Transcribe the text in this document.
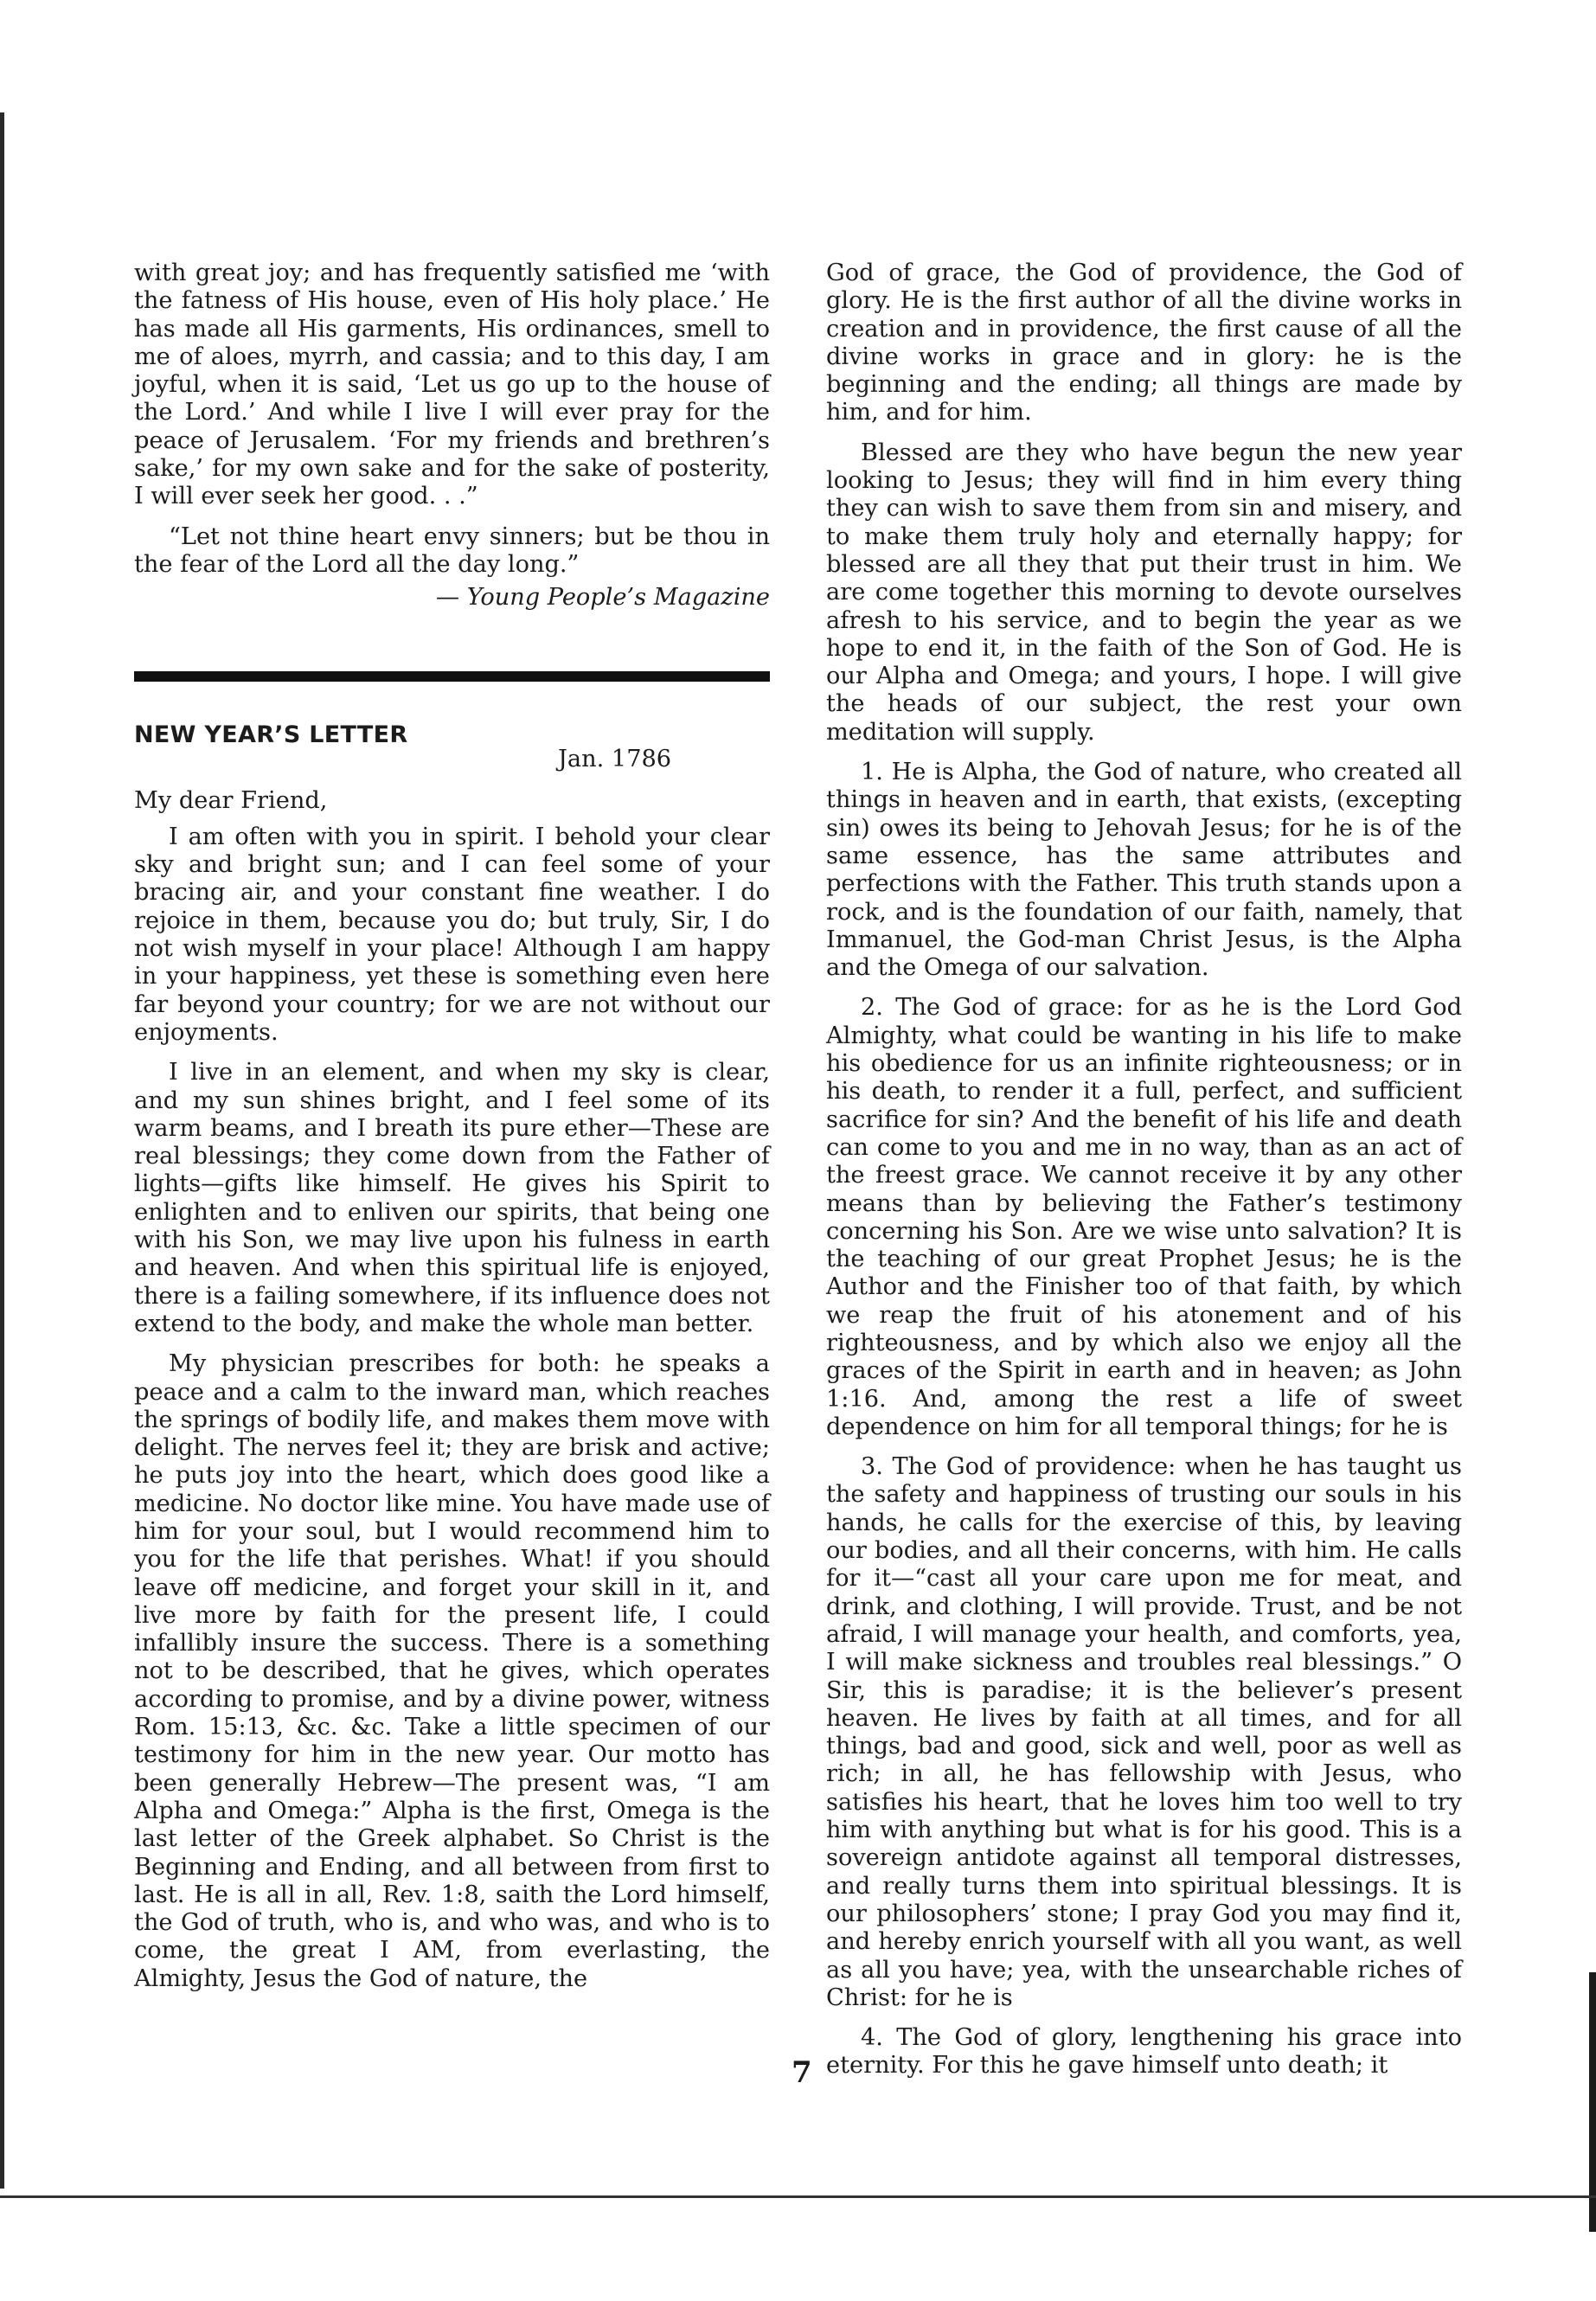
with great joy; and has frequently satisfied me ‘with the fatness of His house, even of His holy place.’ He has made all His garments, His ordinances, smell to me of aloes, myrrh, and cassia; and to this day, I am joyful, when it is said, ‘Let us go up to the house of the Lord.’ And while I live I will ever pray for the peace of Jerusalem. ‘For my friends and brethren’s sake,’ for my own sake and for the sake of posterity, I will ever seek her good. . .”

“Let not thine heart envy sinners; but be thou in the fear of the Lord all the day long.”

— Young People’s Magazine

NEW YEAR’S LETTER
Jan. 1786

My dear Friend,

I am often with you in spirit. I behold your clear sky and bright sun; and I can feel some of your bracing air, and your constant fine weather. I do rejoice in them, because you do; but truly, Sir, I do not wish myself in your place! Although I am happy in your happiness, yet these is something even here far beyond your country; for we are not without our enjoyments.

I live in an element, and when my sky is clear, and my sun shines bright, and I feel some of its warm beams, and I breath its pure ether—These are real blessings; they come down from the Father of lights—gifts like himself. He gives his Spirit to enlighten and to enliven our spirits, that being one with his Son, we may live upon his fulness in earth and heaven. And when this spiritual life is enjoyed, there is a failing somewhere, if its influence does not extend to the body, and make the whole man better.

My physician prescribes for both: he speaks a peace and a calm to the inward man, which reaches the springs of bodily life, and makes them move with delight. The nerves feel it; they are brisk and active; he puts joy into the heart, which does good like a medicine. No doctor like mine. You have made use of him for your soul, but I would recommend him to you for the life that perishes. What! if you should leave off medicine, and forget your skill in it, and live more by faith for the present life, I could infallibly insure the success. There is a something not to be described, that he gives, which operates according to promise, and by a divine power, witness Rom. 15:13, &c. &c. Take a little specimen of our testimony for him in the new year. Our motto has been generally Hebrew—The present was, “I am Alpha and Omega:” Alpha is the first, Omega is the last letter of the Greek alphabet. So Christ is the Beginning and Ending, and all between from first to last. He is all in all, Rev. 1:8, saith the Lord himself, the God of truth, who is, and who was, and who is to come, the great I AM, from everlasting, the Almighty, Jesus the God of nature, the

God of grace, the God of providence, the God of glory. He is the first author of all the divine works in creation and in providence, the first cause of all the divine works in grace and in glory: he is the beginning and the ending; all things are made by him, and for him.

Blessed are they who have begun the new year looking to Jesus; they will find in him every thing they can wish to save them from sin and misery, and to make them truly holy and eternally happy; for blessed are all they that put their trust in him. We are come together this morning to devote ourselves afresh to his service, and to begin the year as we hope to end it, in the faith of the Son of God. He is our Alpha and Omega; and yours, I hope. I will give the heads of our subject, the rest your own meditation will supply.

1. He is Alpha, the God of nature, who created all things in heaven and in earth, that exists, (excepting sin) owes its being to Jehovah Jesus; for he is of the same essence, has the same attributes and perfections with the Father. This truth stands upon a rock, and is the foundation of our faith, namely, that Immanuel, the God-man Christ Jesus, is the Alpha and the Omega of our salvation.

2. The God of grace: for as he is the Lord God Almighty, what could be wanting in his life to make his obedience for us an infinite righteousness; or in his death, to render it a full, perfect, and sufficient sacrifice for sin? And the benefit of his life and death can come to you and me in no way, than as an act of the freest grace. We cannot receive it by any other means than by believing the Father’s testimony concerning his Son. Are we wise unto salvation? It is the teaching of our great Prophet Jesus; he is the Author and the Finisher too of that faith, by which we reap the fruit of his atonement and of his righteousness, and by which also we enjoy all the graces of the Spirit in earth and in heaven; as John 1:16. And, among the rest a life of sweet dependence on him for all temporal things; for he is

3. The God of providence: when he has taught us the safety and happiness of trusting our souls in his hands, he calls for the exercise of this, by leaving our bodies, and all their concerns, with him. He calls for it—“cast all your care upon me for meat, and drink, and clothing, I will provide. Trust, and be not afraid, I will manage your health, and comforts, yea, I will make sickness and troubles real blessings.” O Sir, this is paradise; it is the believer’s present heaven. He lives by faith at all times, and for all things, bad and good, sick and well, poor as well as rich; in all, he has fellowship with Jesus, who satisfies his heart, that he loves him too well to try him with anything but what is for his good. This is a sovereign antidote against all temporal distresses, and really turns them into spiritual blessings. It is our philosophers’ stone; I pray God you may find it, and hereby enrich yourself with all you want, as well as all you have; yea, with the unsearchable riches of Christ: for he is

4. The God of glory, lengthening his grace into eternity. For this he gave himself unto death; it

7
